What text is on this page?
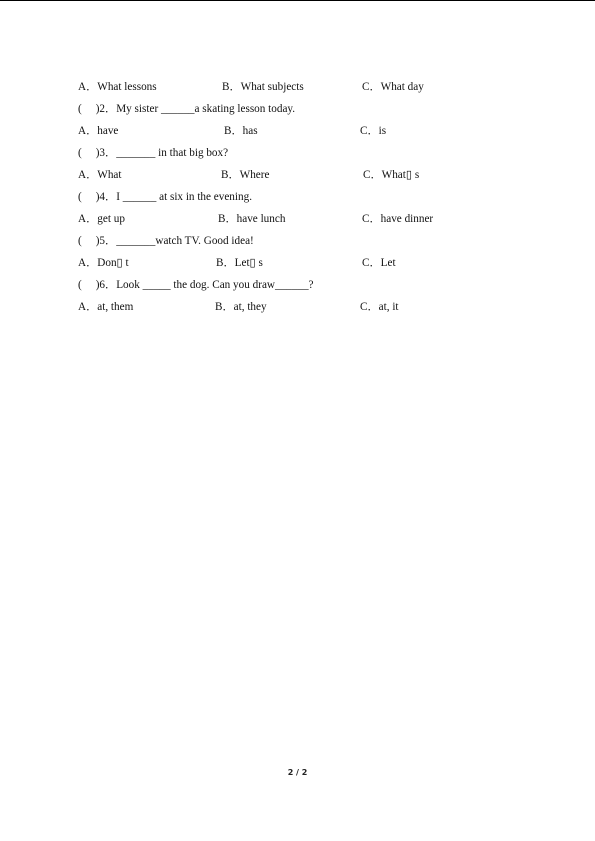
A．What lessons	B．What subjects	C．What day
(　 )2．My sister ______a skating lesson today.
A．have	B．has	C．is
(　 )3．_______ in that big box?
A．What	B．Where	C．What▯ s
(　 )4．I ______ at six in the evening.
A．get up	B．have lunch	C．have dinner
(　 )5．_______watch TV. Good idea!
A．Don▯ t	B．Let▯ s	C．Let
(　 )6．Look _____ the dog. Can you draw______?
A．at, them	B．at, they	C．at, it
2 / 2
